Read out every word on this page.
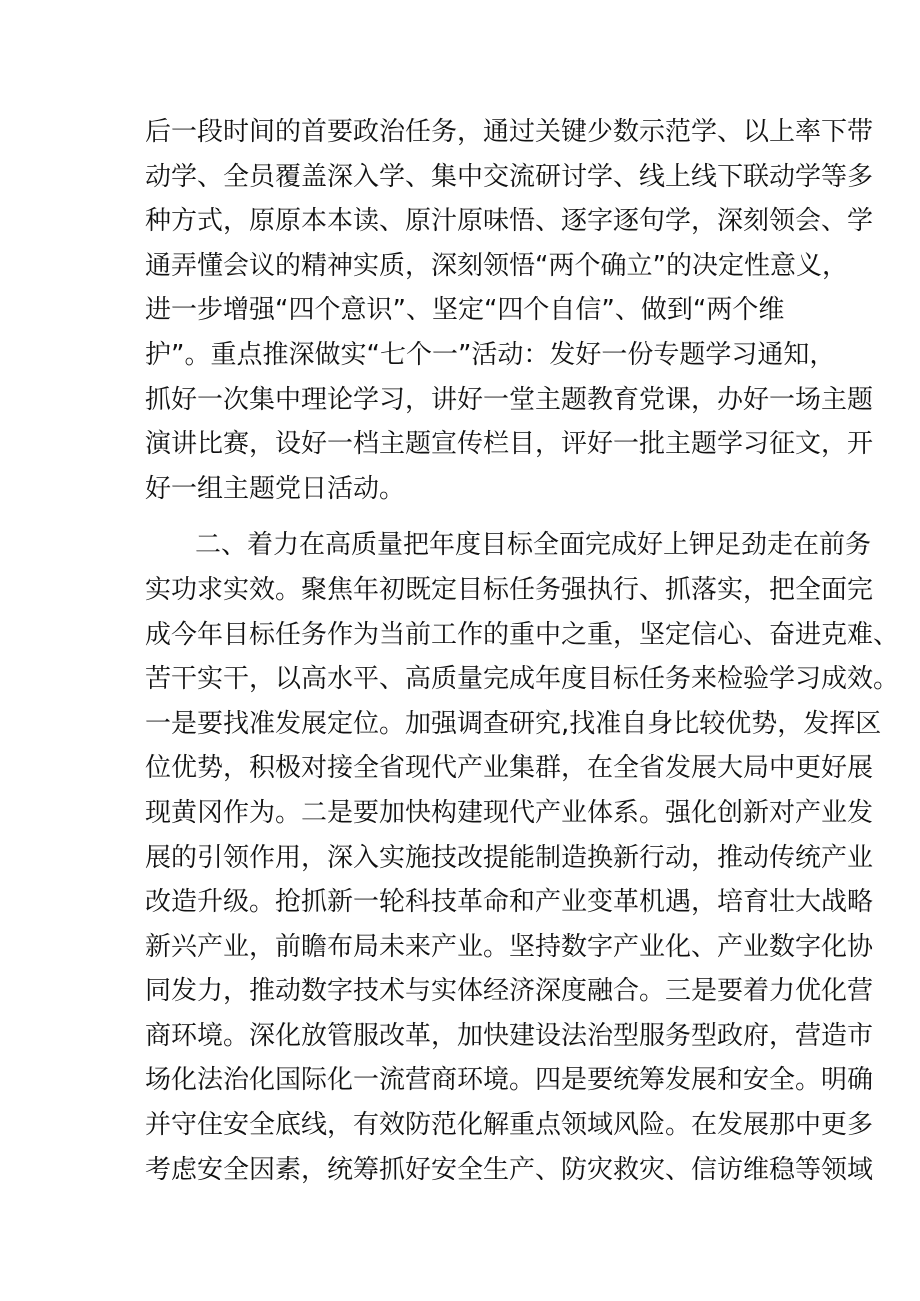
后一段时间的首要政治任务，通过关键少数示范学、以上率下带
动学、全员覆盖深入学、集中交流研讨学、线上线下联动学等多
种方式，原原本本读、原汁原味悟、逐字逐句学，深刻领会、学
通弄懂会议的精神实质，深刻领悟“两个确立”的决定性意义，
进一步增强“四个意识”、坚定“四个自信”、做到“两个维
护”。重点推深做实“七个一”活动：发好一份专题学习通知，
抓好一次集中理论学习，讲好一堂主题教育党课，办好一场主题
演讲比赛，设好一档主题宣传栏目，评好一批主题学习征文，开
好一组主题党日活动。
二、着力在高质量把年度目标全面完成好上钾足劲走在前务
实功求实效。聚焦年初既定目标任务强执行、抓落实，把全面完
成今年目标任务作为当前工作的重中之重，坚定信心、奋进克难、
苦干实干，以高水平、高质量完成年度目标任务来检验学习成效。
一是要找准发展定位。加强调查研究,找准自身比较优势，发挥区
位优势，积极对接全省现代产业集群，在全省发展大局中更好展
现黄冈作为。二是要加快构建现代产业体系。强化创新对产业发
展的引领作用，深入实施技改提能制造换新行动，推动传统产业
改造升级。抢抓新一轮科技革命和产业变革机遇，培育壮大战略
新兴产业，前瞻布局未来产业。坚持数字产业化、产业数字化协
同发力，推动数字技术与实体经济深度融合。三是要着力优化营
商环境。深化放管服改革，加快建设法治型服务型政府，营造市
场化法治化国际化一流营商环境。四是要统筹发展和安全。明确
并守住安全底线，有效防范化解重点领域风险。在发展那中更多
考虑安全因素，统筹抓好安全生产、防灾救灾、信访维稳等领域
